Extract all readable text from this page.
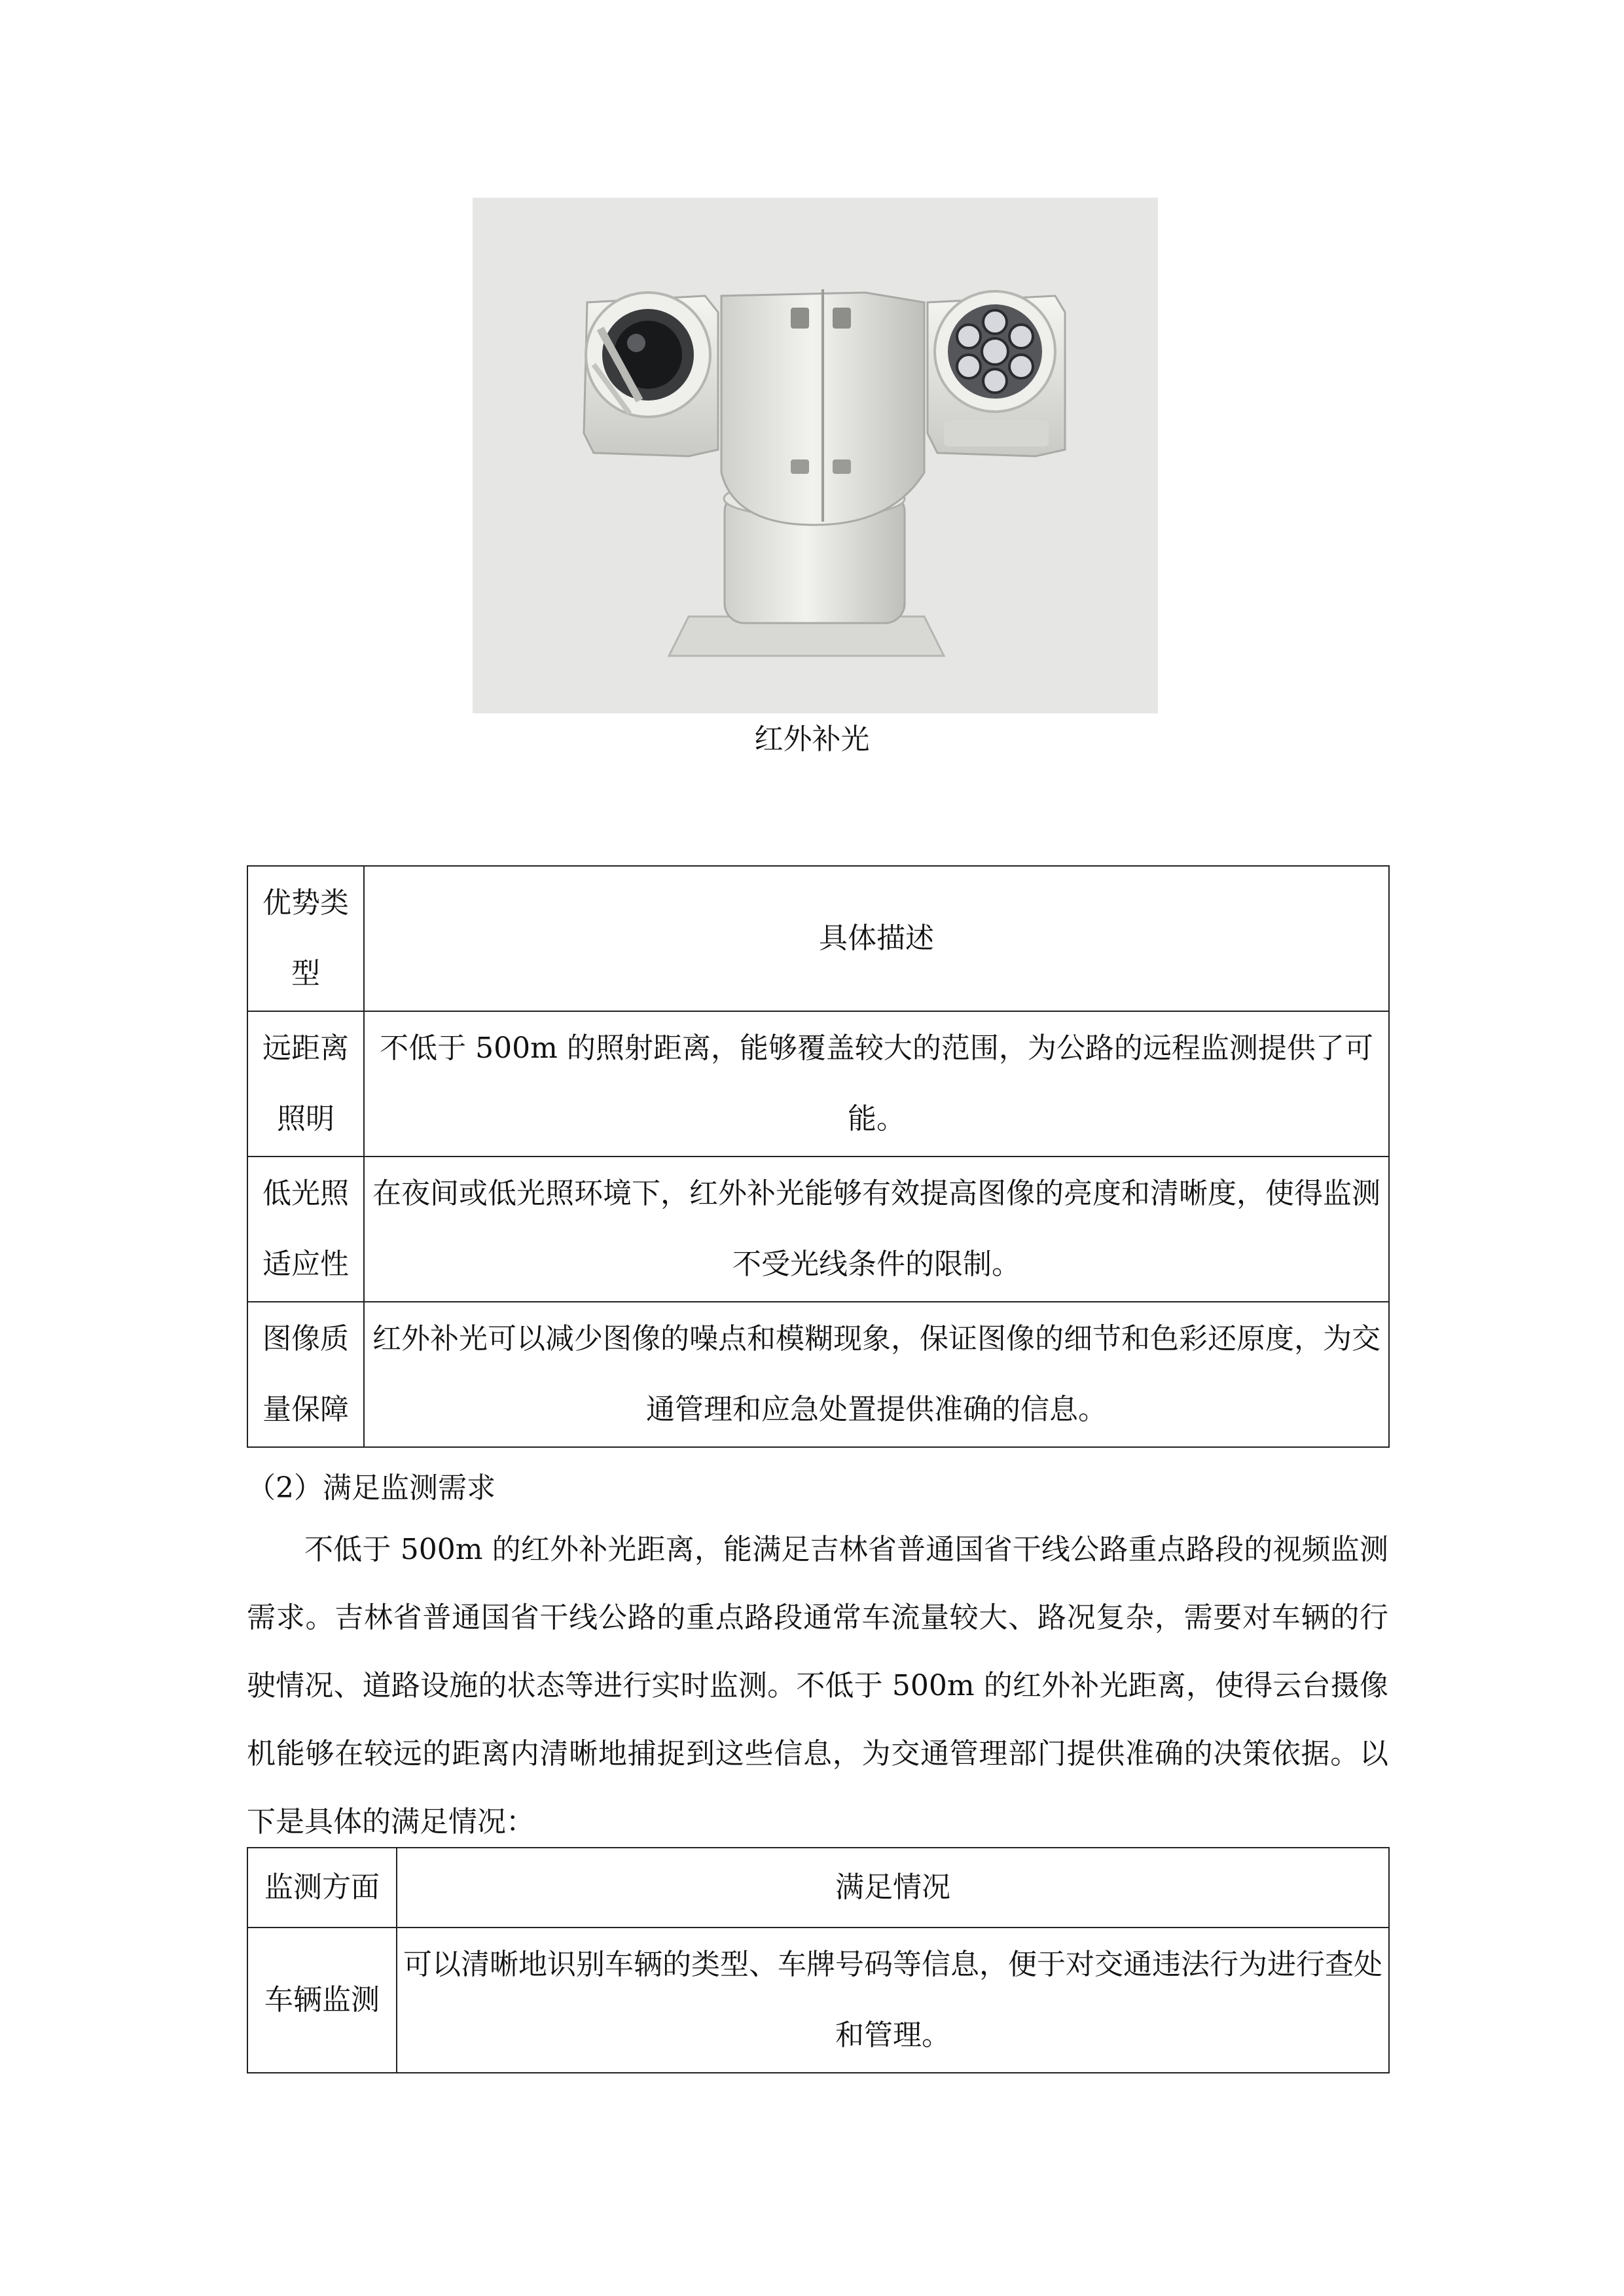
红外补光
优势类型	具体描述
远距离照明	不低于 500m 的照射距离，能够覆盖较大的范围，为公路的远程监测提供了可能。
低光照适应性	在夜间或低光照环境下，红外补光能够有效提高图像的亮度和清晰度，使得监测不受光线条件的限制。
图像质量保障	红外补光可以减少图像的噪点和模糊现象，保证图像的细节和色彩还原度，为交通管理和应急处置提供准确的信息。
（2）满足监测需求
不低于 500m 的红外补光距离，能满足吉林省普通国省干线公路重点路段的视频监测需求。吉林省普通国省干线公路的重点路段通常车流量较大、路况复杂，需要对车辆的行驶情况、道路设施的状态等进行实时监测。不低于 500m 的红外补光距离，使得云台摄像机能够在较远的距离内清晰地捕捉到这些信息，为交通管理部门提供准确的决策依据。以下是具体的满足情况：
监测方面	满足情况
车辆监测	可以清晰地识别车辆的类型、车牌号码等信息，便于对交通违法行为进行查处和管理。
